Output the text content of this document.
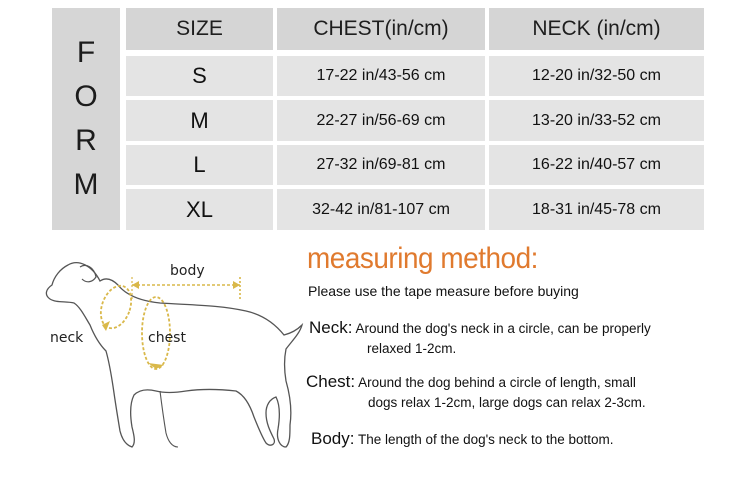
F
O
R
M
SIZE	CHEST(in/cm)	NECK (in/cm)
S	17-22 in/43-56 cm	12-20 in/32-50 cm
M	22-27 in/56-69 cm	13-20 in/33-52 cm
L	27-32 in/69-81 cm	16-22 in/40-57 cm
XL	32-42 in/81-107 cm	18-31 in/45-78 cm
body
neck	chest
measuring method:
Please use the tape measure before buying
Neck: Around the dog's neck in a circle, can be properly
relaxed 1-2cm.
Chest: Around the dog behind a circle of length, small
dogs relax 1-2cm, large dogs can relax 2-3cm.
Body: The length of the dog's neck to the bottom.
